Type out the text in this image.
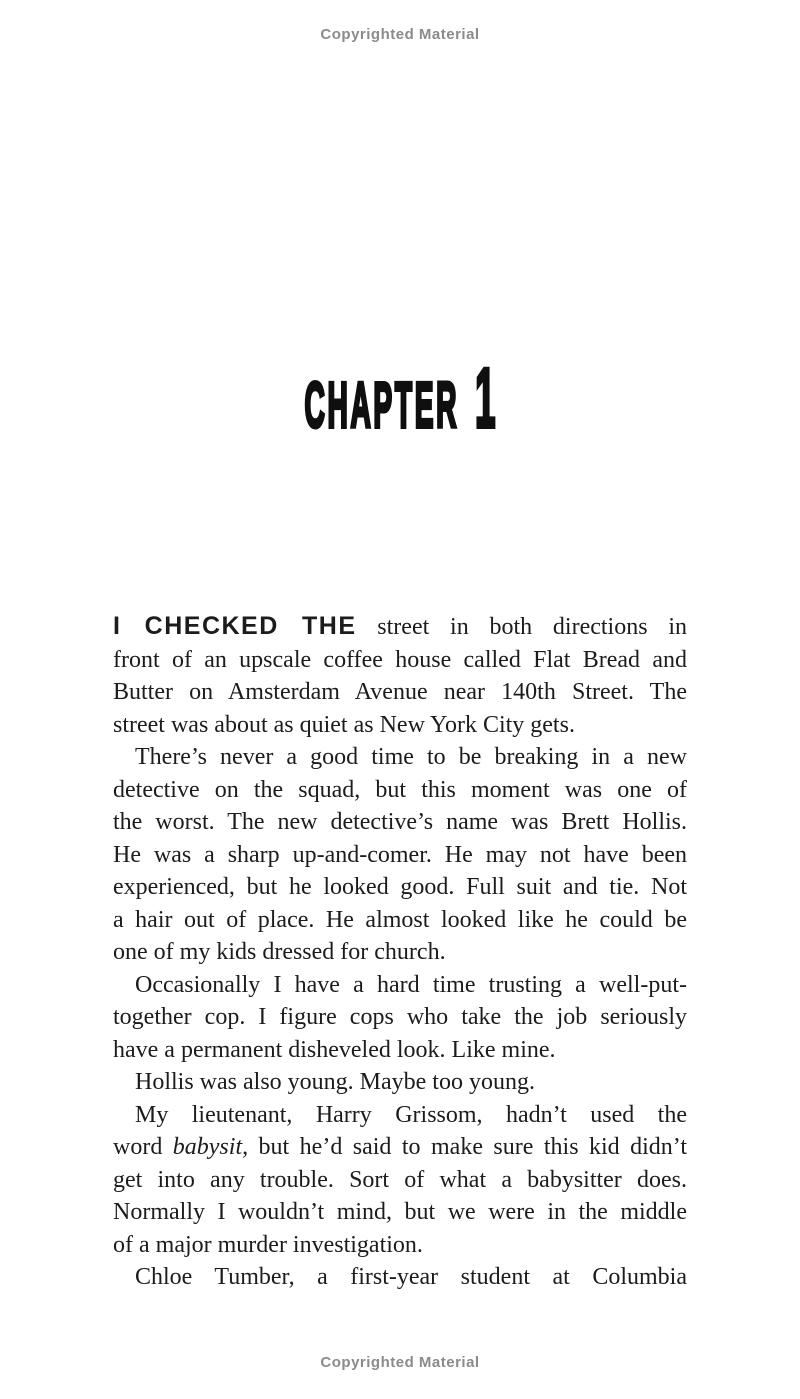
Copyrighted Material
CHAPTER 1
I CHECKED THE street in both directions in
front of an upscale coffee house called Flat Bread and
Butter on Amsterdam Avenue near 140th Street. The
street was about as quiet as New York City gets.
There’s never a good time to be breaking in a new
detective on the squad, but this moment was one of
the worst. The new detective’s name was Brett Hollis.
He was a sharp up-and-comer. He may not have been
experienced, but he looked good. Full suit and tie. Not
a hair out of place. He almost looked like he could be
one of my kids dressed for church.
Occasionally I have a hard time trusting a well-put-
together cop. I figure cops who take the job seriously
have a permanent disheveled look. Like mine.
Hollis was also young. Maybe too young.
My lieutenant, Harry Grissom, hadn’t used the
word babysit, but he’d said to make sure this kid didn’t
get into any trouble. Sort of what a babysitter does.
Normally I wouldn’t mind, but we were in the middle
of a major murder investigation.
Chloe Tumber, a first-year student at Columbia
Copyrighted Material
